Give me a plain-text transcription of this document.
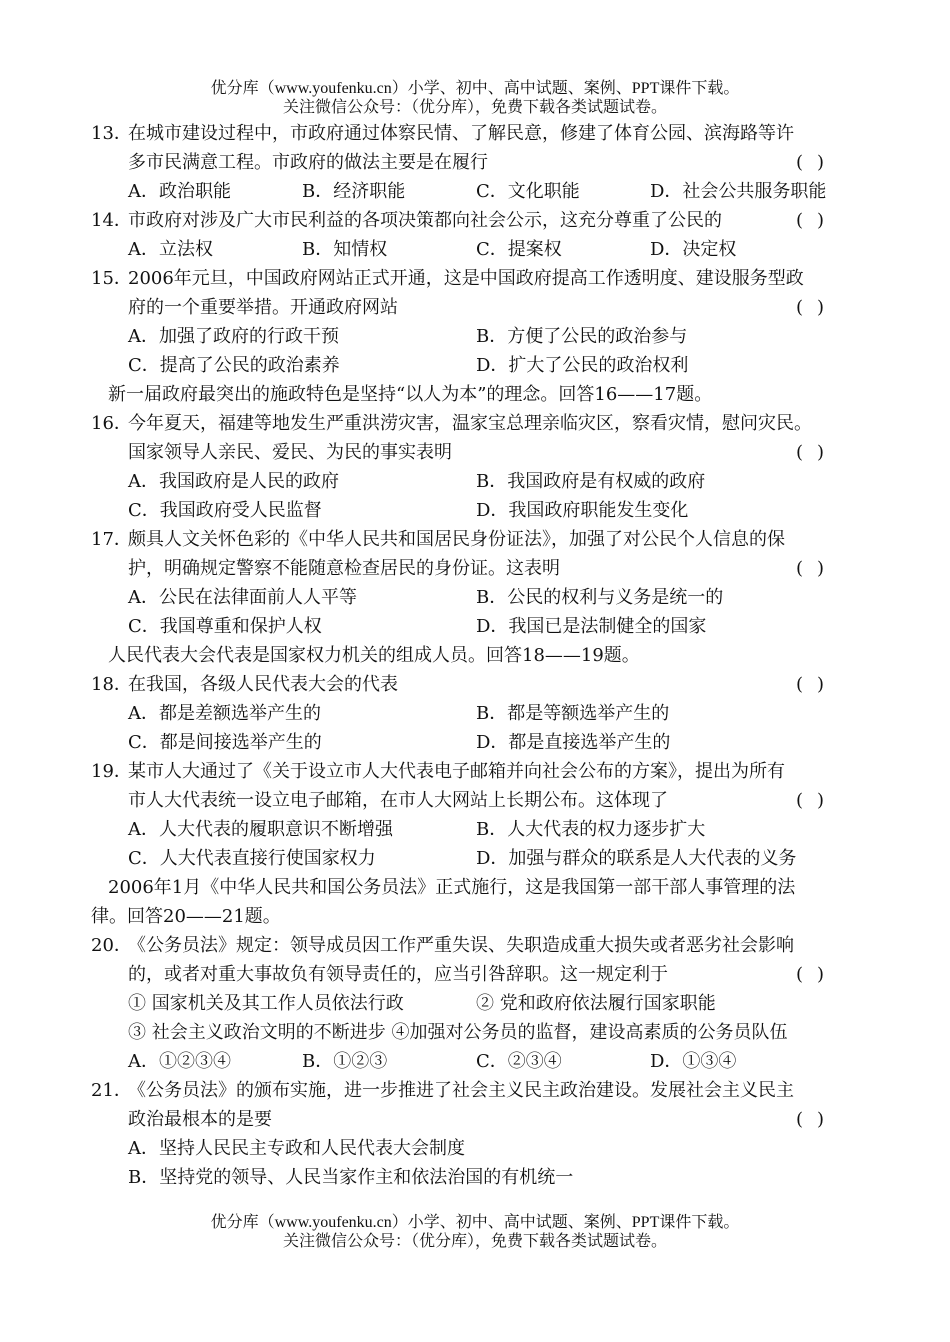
优分库（www.youfenku.cn）小学、初中、高中试题、案例、PPT课件下载。
关注微信公众号：（优分库），免费下载各类试题试卷。
13．
在城市建设过程中，市政府通过体察民情、了解民意，修建了体育公园、滨海路等许
多市民满意工程。市政府的做法主要是在履行	()
A．政治职能	B．经济职能	C．文化职能	D．社会公共服务职能
14．
市政府对涉及广大市民利益的各项决策都向社会公示，这充分尊重了公民的	()
A．立法权	B．知情权	C．提案权	D．决定权
15．
2006年元旦，中国政府网站正式开通，这是中国政府提高工作透明度、建设服务型政
府的一个重要举措。开通政府网站	()
A．加强了政府的行政干预	B．方便了公民的政治参与
C．提高了公民的政治素养	D．扩大了公民的政治权利
新一届政府最突出的施政特色是坚持“以人为本”的理念。回答16——17题。
16．
今年夏天，福建等地发生严重洪涝灾害，温家宝总理亲临灾区，察看灾情，慰问灾民。
国家领导人亲民、爱民、为民的事实表明	()
A．我国政府是人民的政府	B．我国政府是有权威的政府
C．我国政府受人民监督	D．我国政府职能发生变化
17．
颇具人文关怀色彩的《中华人民共和国居民身份证法》，加强了对公民个人信息的保
护，明确规定警察不能随意检查居民的身份证。这表明	()
A．公民在法律面前人人平等	B．公民的权利与义务是统一的
C．我国尊重和保护人权	D．我国已是法制健全的国家
人民代表大会代表是国家权力机关的组成人员。回答18——19题。
18．
在我国，各级人民代表大会的代表	()
A．都是差额选举产生的	B．都是等额选举产生的
C．都是间接选举产生的	D．都是直接选举产生的
19．
某市人大通过了《关于设立市人大代表电子邮箱并向社会公布的方案》，提出为所有
市人大代表统一设立电子邮箱，在市人大网站上长期公布。这体现了	()
A．人大代表的履职意识不断增强	B．人大代表的权力逐步扩大
C．人大代表直接行使国家权力	D．加强与群众的联系是人大代表的义务
2006年1月《中华人民共和国公务员法》正式施行，这是我国第一部干部人事管理的法
律。回答20——21题。
20．
《公务员法》规定：领导成员因工作严重失误、失职造成重大损失或者恶劣社会影响
的，或者对重大事故负有领导责任的，应当引咎辞职。这一规定利于	()
① 国家机关及其工作人员依法行政	② 党和政府依法履行国家职能
③ 社会主义政治文明的不断进步 ④加强对公务员的监督，建设高素质的公务员队伍
A．①②③④	B．①②③	C．②③④	D．①③④
21．
《公务员法》的颁布实施，进一步推进了社会主义民主政治建设。发展社会主义民主
政治最根本的是要	()
A．坚持人民民主专政和人民代表大会制度
B．坚持党的领导、人民当家作主和依法治国的有机统一
优分库（www.youfenku.cn）小学、初中、高中试题、案例、PPT课件下载。
关注微信公众号：（优分库），免费下载各类试题试卷。
